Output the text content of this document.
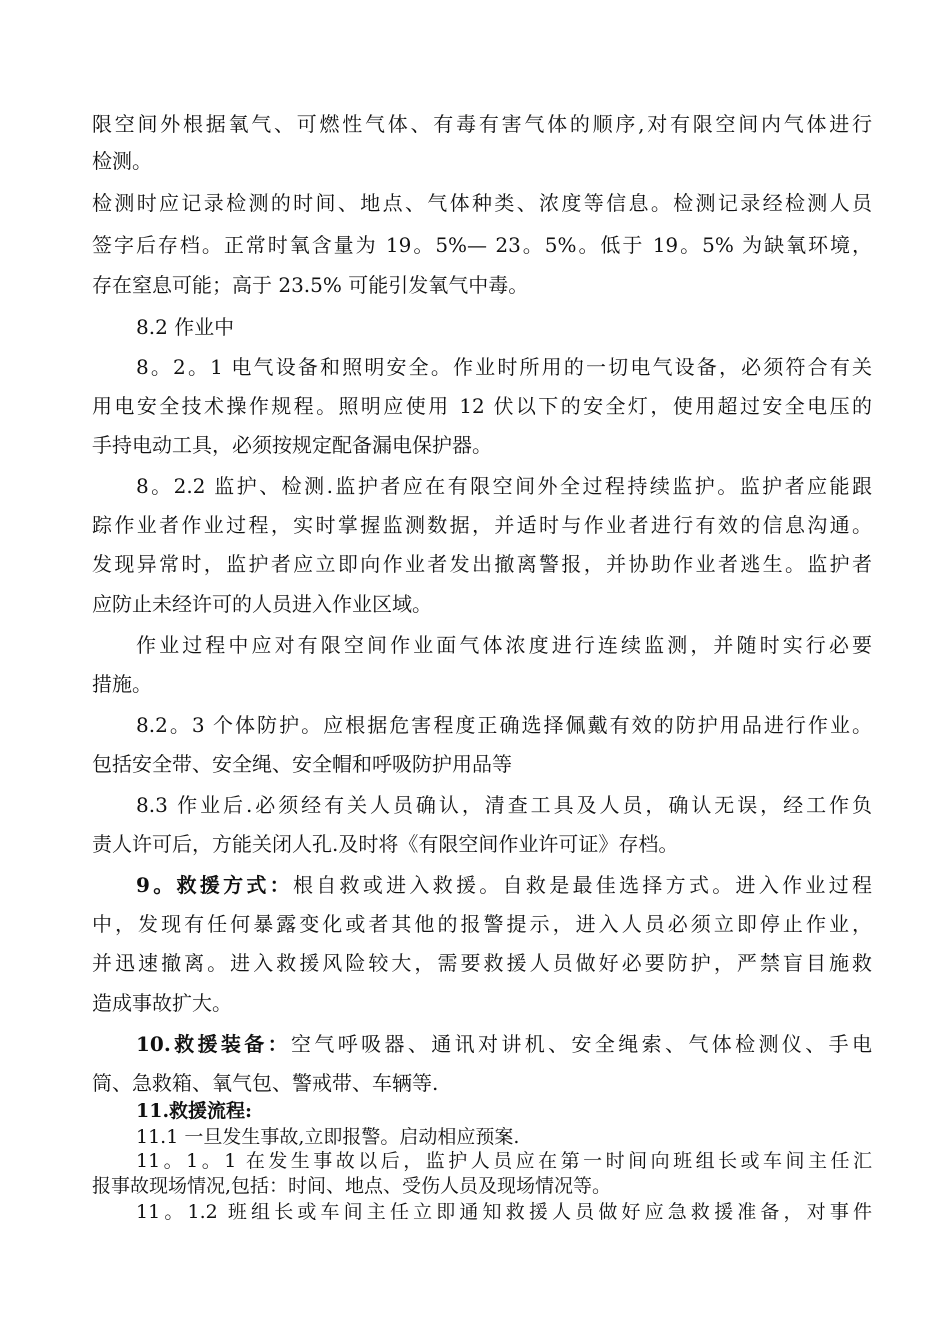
限空间外根据氧气、可燃性气体、有毒有害气体的顺序,对有限空间内气体进行
检测。
检测时应记录检测的时间、地点、气体种类、浓度等信息。检测记录经检测人员
签字后存档。正常时氧含量为 19。5%— 23。5%。低于 19。5% 为缺氧环境，
存在窒息可能；高于 23.5% 可能引发氧气中毒。
8.2 作业中
8。2。1 电气设备和照明安全。作业时所用的一切电气设备，必须符合有关
用电安全技术操作规程。照明应使用 12 伏以下的安全灯，使用超过安全电压的
手持电动工具，必须按规定配备漏电保护器。
8。2.2 监护、检测.监护者应在有限空间外全过程持续监护。监护者应能跟
踪作业者作业过程，实时掌握监测数据，并适时与作业者进行有效的信息沟通。
发现异常时，监护者应立即向作业者发出撤离警报，并协助作业者逃生。监护者
应防止未经许可的人员进入作业区域。
作业过程中应对有限空间作业面气体浓度进行连续监测，并随时实行必要
措施。
8.2。3 个体防护。应根据危害程度正确选择佩戴有效的防护用品进行作业。
包括安全带、安全绳、安全帽和呼吸防护用品等
8.3 作业后.必须经有关人员确认，清查工具及人员，确认无误，经工作负
责人许可后，方能关闭人孔.及时将《有限空间作业许可证》存档。
9。救援方式：根自救或进入救援。自救是最佳选择方式。进入作业过程
中，发现有任何暴露变化或者其他的报警提示，进入人员必须立即停止作业，
并迅速撤离。进入救援风险较大，需要救援人员做好必要防护，严禁盲目施救
造成事故扩大。
10.救援装备：空气呼吸器、通讯对讲机、安全绳索、气体检测仪、手电
筒、急救箱、氧气包、警戒带、车辆等.
11.救援流程:
11.1 一旦发生事故,立即报警。启动相应预案.
11。1。1 在发生事故以后，监护人员应在第一时间向班组长或车间主任汇
报事故现场情况,包括：时间、地点、受伤人员及现场情况等。
11。1.2 班组长或车间主任立即通知救援人员做好应急救援准备，对事件
